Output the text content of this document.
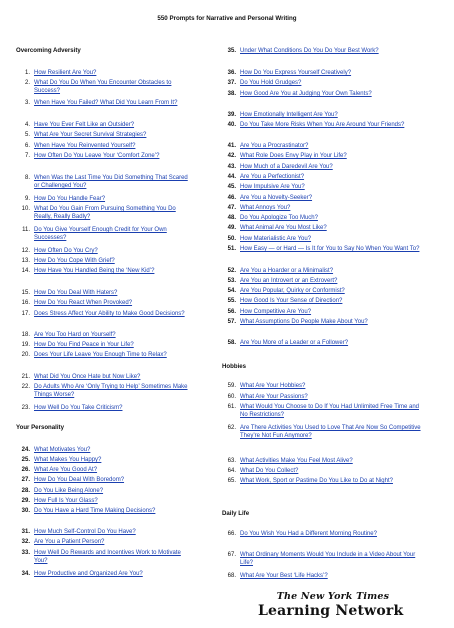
550 Prompts for Narrative and Personal Writing
Overcoming Adversity
1. How Resilient Are You?
2. What Do You Do When You Encounter Obstacles to Success?
3. When Have You Failed? What Did You Learn From It?
4. Have You Ever Felt Like an Outsider?
5. What Are Your Secret Survival Strategies?
6. When Have You Reinvented Yourself?
7. How Often Do You Leave Your ‘Comfort Zone’?
8. When Was the Last Time You Did Something That Scared or Challenged You?
9. How Do You Handle Fear?
10. What Do You Gain From Pursuing Something You Do Really, Really Badly?
11. Do You Give Yourself Enough Credit for Your Own Successes?
12. How Often Do You Cry?
13. How Do You Cope With Grief?
14. How Have You Handled Being the ‘New Kid’?
15. How Do You Deal With Haters?
16. How Do You React When Provoked?
17. Does Stress Affect Your Ability to Make Good Decisions?
18. Are You Too Hard on Yourself?
19. How Do You Find Peace in Your Life?
20. Does Your Life Leave You Enough Time to Relax?
21. What Did You Once Hate but Now Like?
22. Do Adults Who Are ‘Only Trying to Help’ Sometimes Make Things Worse?
23. How Well Do You Take Criticism?
Your Personality
24. What Motivates You?
25. What Makes You Happy?
26. What Are You Good At?
27. How Do You Deal With Boredom?
28. Do You Like Being Alone?
29. How Full Is Your Glass?
30. Do You Have a Hard Time Making Decisions?
31. How Much Self-Control Do You Have?
32. Are You a Patient Person?
33. How Well Do Rewards and Incentives Work to Motivate You?
34. How Productive and Organized Are You?
35. Under What Conditions Do You Do Your Best Work?
36. How Do You Express Yourself Creatively?
37. Do You Hold Grudges?
38. How Good Are You at Judging Your Own Talents?
39. How Emotionally Intelligent Are You?
40. Do You Take More Risks When You Are Around Your Friends?
41. Are You a Procrastinator?
42. What Role Does Envy Play in Your Life?
43. How Much of a Daredevil Are You?
44. Are You a Perfectionist?
45. How Impulsive Are You?
46. Are You a Novelty-Seeker?
47. What Annoys You?
48. Do You Apologize Too Much?
49. What Animal Are You Most Like?
50. How Materialistic Are You?
51. How Easy — or Hard — Is It for You to Say No When You Want To?
52. Are You a Hoarder or a Minimalist?
53. Are You an Introvert or an Extrovert?
54. Are You Popular, Quirky or Conformist?
55. How Good Is Your Sense of Direction?
56. How Competitive Are You?
57. What Assumptions Do People Make About You?
58. Are You More of a Leader or a Follower?
Hobbies
59. What Are Your Hobbies?
60. What Are Your Passions?
61. What Would You Choose to Do If You Had Unlimited Free Time and No Restrictions?
62. Are There Activities You Used to Love That Are Now So Competitive They’re Not Fun Anymore?
63. What Activities Make You Feel Most Alive?
64. What Do You Collect?
65. What Work, Sport or Pastime Do You Like to Do at Night?
Daily Life
66. Do You Wish You Had a Different Morning Routine?
67. What Ordinary Moments Would You Include in a Video About Your Life?
68. What Are Your Best ‘Life Hacks’?
The New York Times
Learning Network
